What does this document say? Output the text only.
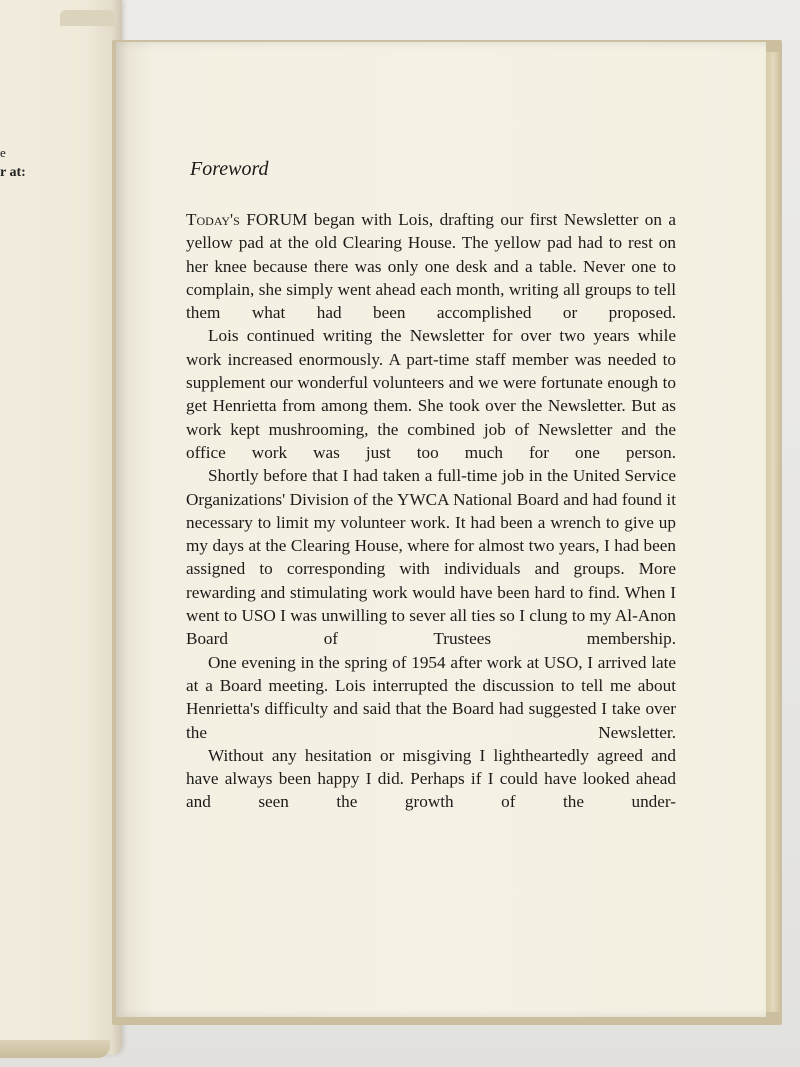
e
r at:	Foreword

Today's FORUM began with Lois, drafting our first Newsletter on a yellow pad at the old Clearing House. The yellow pad had to rest on her knee because there was only one desk and a table. Never one to complain, she simply went ahead each month, writing all groups to tell them what had been accomplished or proposed.

Lois continued writing the Newsletter for over two years while work increased enormously. A part-time staff member was needed to supplement our wonderful volunteers and we were fortunate enough to get Henrietta from among them. She took over the Newsletter. But as work kept mushrooming, the combined job of Newsletter and the office work was just too much for one person.

Shortly before that I had taken a full-time job in the United Service Organizations' Division of the YWCA National Board and had found it necessary to limit my volunteer work. It had been a wrench to give up my days at the Clearing House, where for almost two years, I had been assigned to corresponding with individuals and groups. More rewarding and stimulating work would have been hard to find. When I went to USO I was unwilling to sever all ties so I clung to my Al-Anon Board of Trustees membership.

One evening in the spring of 1954 after work at USO, I arrived late at a Board meeting. Lois interrupted the discussion to tell me about Henrietta's difficulty and said that the Board had suggested I take over the Newsletter.

Without any hesitation or misgiving I lightheartedly agreed and have always been happy I did. Perhaps if I could have looked ahead and seen the growth of the under-
